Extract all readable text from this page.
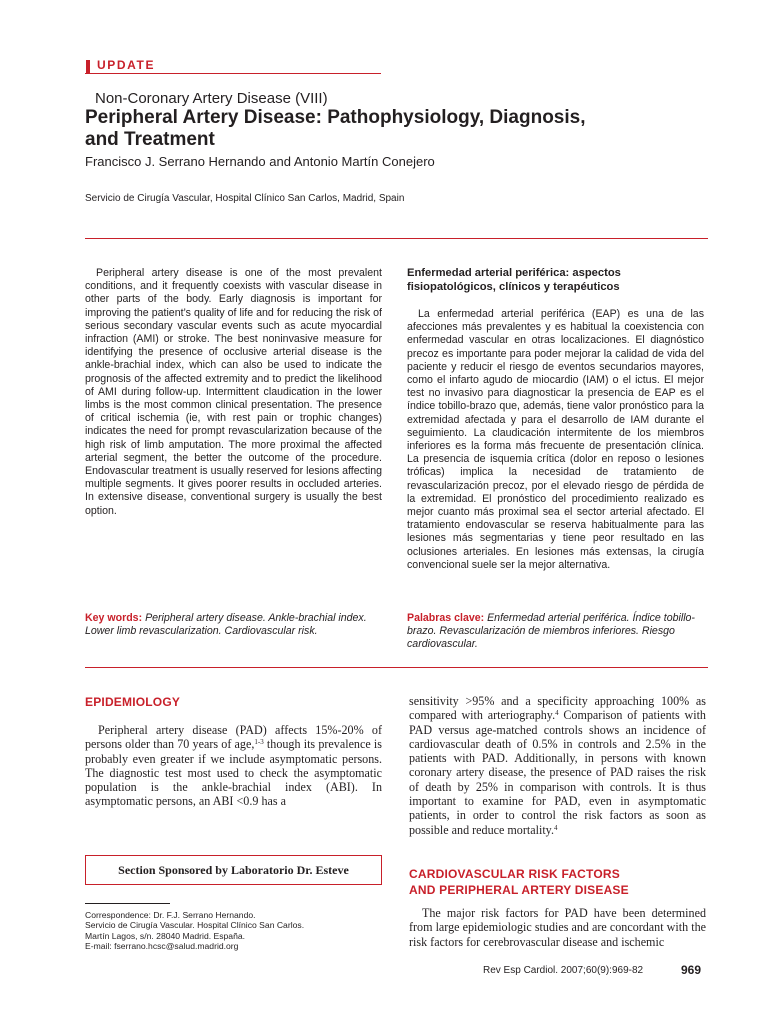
UPDATE
Non-Coronary Artery Disease (VIII)
Peripheral Artery Disease: Pathophysiology, Diagnosis,
and Treatment
Francisco J. Serrano Hernando and Antonio Martín Conejero
Servicio de Cirugía Vascular, Hospital Clínico San Carlos, Madrid, Spain

Peripheral artery disease is one of the most prevalent conditions, and it frequently coexists with vascular disease in other parts of the body. Early diagnosis is important for improving the patient’s quality of life and for reducing the risk of serious secondary vascular events such as acute myocardial infraction (AMI) or stroke. The best noninvasive measure for identifying the presence of occlusive arterial disease is the ankle-brachial index, which can also be used to indicate the prognosis of the affected extremity and to predict the likelihood of AMI during follow-up. Intermittent claudication in the lower limbs is the most common clinical presentation. The presence of critical ischemia (ie, with rest pain or trophic changes) indicates the need for prompt revascularization because of the high risk of limb amputation. The more proximal the affected arterial segment, the better the outcome of the procedure. Endovascular treatment is usually reserved for lesions affecting multiple segments. It gives poorer results in occluded arteries. In extensive disease, conventional surgery is usually the best option.

Key words: Peripheral artery disease. Ankle-brachial index. Lower limb revascularization. Cardiovascular risk.
Enfermedad arterial periférica: aspectos
fisiopatológicos, clínicos y terapéuticos

La enfermedad arterial periférica (EAP) es una de las afecciones más prevalentes y es habitual la coexistencia con enfermedad vascular en otras localizaciones. El diagnóstico precoz es importante para poder mejorar la calidad de vida del paciente y reducir el riesgo de eventos secundarios mayores, como el infarto agudo de miocardio (IAM) o el ictus. El mejor test no invasivo para diagnosticar la presencia de EAP es el índice tobillo-brazo que, además, tiene valor pronóstico para la extremidad afectada y para el desarrollo de IAM durante el seguimiento. La claudicación intermitente de los miembros inferiores es la forma más frecuente de presentación clínica. La presencia de isquemia crítica (dolor en reposo o lesiones tróficas) implica la necesidad de tratamiento de revascularización precoz, por el elevado riesgo de pérdida de la extremidad. El pronóstico del procedimiento realizado es mejor cuanto más proximal sea el sector arterial afectado. El tratamiento endovascular se reserva habitualmente para las lesiones más segmentarias y tiene peor resultado en las oclusiones arteriales. En lesiones más extensas, la cirugía convencional suele ser la mejor alternativa.

Palabras clave: Enfermedad arterial periférica. Índice tobillo-brazo. Revascularización de miembros inferiores. Riesgo cardiovascular.
EPIDEMIOLOGY

Peripheral artery disease (PAD) affects 15%-20% of persons older than 70 years of age,$^{1-3}$ though its prevalence is probably even greater if we include asymptomatic persons. The diagnostic test most used to check the asymptomatic population is the ankle-brachial index (ABI). In asymptomatic persons, an ABI <0.9 has a

Section Sponsored by Laboratorio Dr. Esteve
Correspondence: Dr. F.J. Serrano Hernando.
Servicio de Cirugía Vascular. Hospital Clínico San Carlos.
Martín Lagos, s/n. 28040 Madrid. España.
E-mail: fserrano.hcsc@salud.madrid.org

sensitivity >95% and a specificity approaching 100% as compared with arteriography.$^4$ Comparison of patients with PAD versus age-matched controls shows an incidence of cardiovascular death of 0.5% in controls and 2.5% in the patients with PAD. Additionally, in persons with known coronary artery disease, the presence of PAD raises the risk of death by 25% in comparison with controls. It is thus important to examine for PAD, even in asymptomatic patients, in order to control the risk factors as soon as possible and reduce mortality.$^4$

CARDIOVASCULAR RISK FACTORS
AND PERIPHERAL ARTERY DISEASE

The major risk factors for PAD have been determined from large epidemiologic studies and are concordant with the risk factors for cerebrovascular disease and ischemic

Rev Esp Cardiol. 2007;60(9):969-82	969
